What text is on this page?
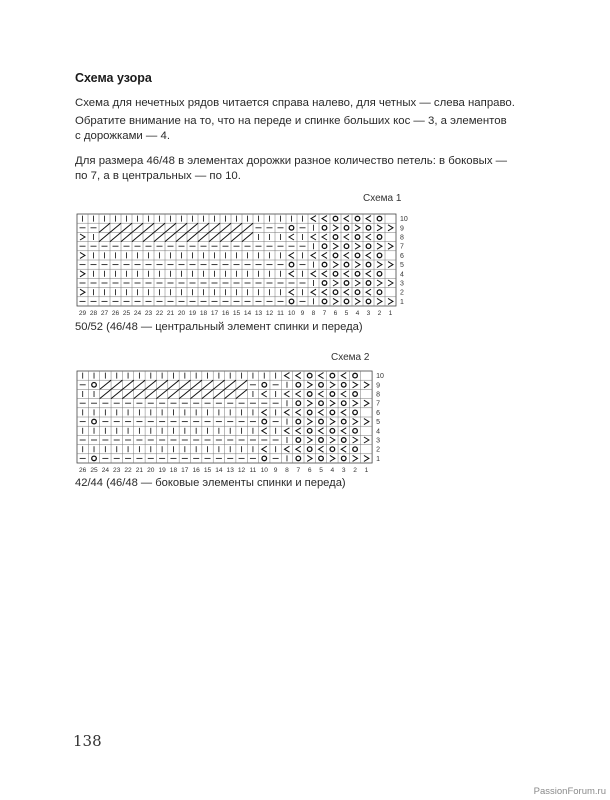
Схема узора
Схема для нечетных рядов читается справа налево, для четных — слева направо.
Обратите внимание на то, что на переде и спинке больших кос — 3, а элементов с дорожками — 4.
Для размера 46/48 в элементах дорожки разное количество петель: в боковых — по 7, а в центральных — по 10.
Схема 1
Схема 2
10
9
8
7
6
5
4
3
2
1
29 28 27 26 25 24 23 22 21 20 19 18 17 16 15 14 13 12 11 10 9 8 7 6 5 4 3 2 1
10
9
8
7
6
5
4
3
2
1
26 25 24 23 22 21 20 19 18 17 16 15 14 13 12 11 10 9 8 7 6 5 4 3 2 1
50/52 (46/48 — центральный элемент спинки и переда)
42/44 (46/48 — боковые элементы спинки и переда)
138
PassionForum.ru
